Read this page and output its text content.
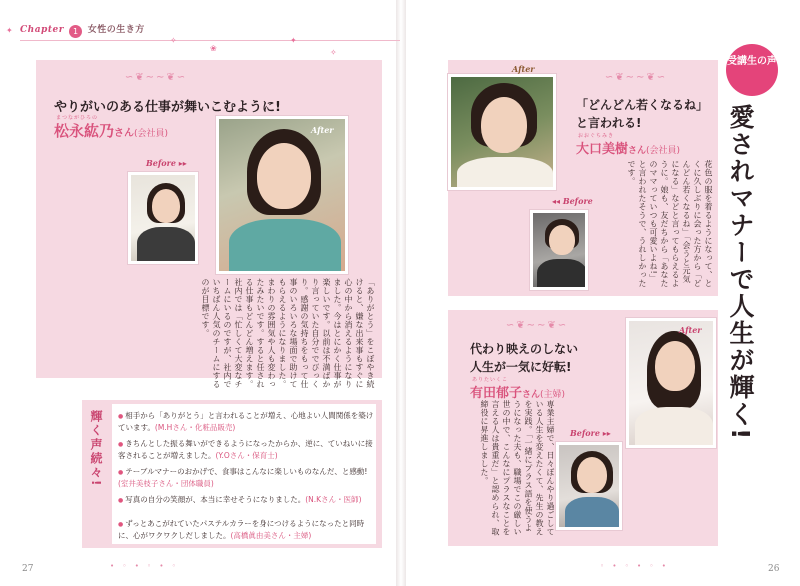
Chapter 1 女性の生き方
✦
✧
❀
✦
✧
∽❦∼∼❦∽
やりがいのある仕事が舞いこむように!
まつながひろの
松永紘乃さん(会社員)
Before ▸▸
After
「ありがとう」をこぼやき続けると、嫌な出来事もすぐに心の中から消えるようになりました。今はとにかく仕事が楽しいです。以前は不満ばかり言っていた自分ででびっくり。感謝の気持ちをもって仕事のいろいろな場面で助けてもらえるようになりました。まわりの雰囲気や人も変わったみたいです。すると任される仕事もどんどん増えます。社内では「忙しくて大変なチームにいるのですが、社内でいちばん人気のチームにするのが目標です。
輝く声続々!	● 相手から「ありがとう」と言われることが増え、心地よい人間関係を築けています。(M.Hさん・化粧品販売)
● きちんとした振る舞いができるようになったからか、逆に、ていねいに接客されることが増えました。(Y.Oさん・保育士)
● テーブルマナーのおかげで、食事はこんなに楽しいものなんだ、と感動!(室井美枝子さん・団体職員)
● 写真の自分の笑顔が、本当に幸せそうになりました。(N.Kさん・医師)
● ずっとあこがれていたパステルカラーを身につけるようになったと同時に、心がワクワクしだしました。(高橋眞由美さん・主婦)
• ◦ • ◦ • ◦
27
受講生の声
愛されマナーで人生が輝く!
After
∽❦∼∼❦∽
「どんどん若くなるね」
と言われる!
おおぐちみき
大口美樹さん(会社員)
◂◂ Before	花色の服を着るようになって、とくに久しぶりに会った方から「どんどん若くなるね」「会うと元気になる」などと言ってもらえるように。娘も、友だちから「あなたのママっていつも可愛いよね!」と言われたそうで、うれしかったです。
∽❦∼∼❦∽
代わり映えのしない
人生が一気に好転!
ありたいくこ
有田郁子さん(主婦)
After
Before ▸▸
専業主婦で、日々ぼんやり過ごしている人生を変えたくて、先生の教えを実践。「一緒にプラス語を使うようになった夫も、職場でこの厳しい世の中で、こんなにプラスなことを言える人は貴重だ」と認められ、取締役に昇進しました。
◦ • ◦ • ◦ •	26
